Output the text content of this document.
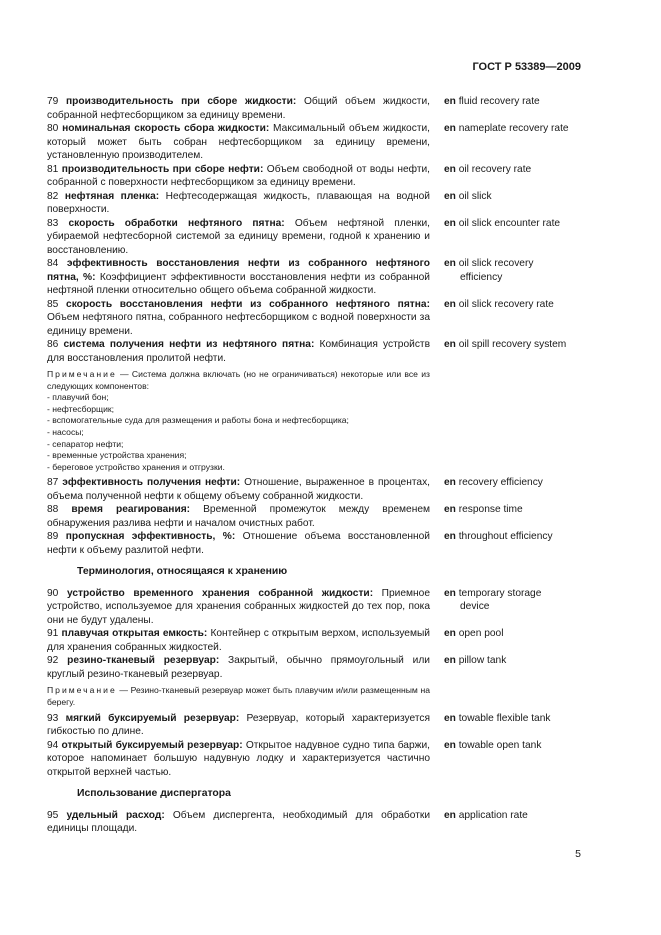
ГОСТ Р 53389—2009
79 производительность при сборе жидкости: Общий объем жидкости, собранной нефтесборщиком за единицу времени.
en fluid recovery rate
80 номинальная скорость сбора жидкости: Максимальный объем жидкости, который может быть собран нефтесборщиком за единицу времени, установленную производителем.
en nameplate recovery rate
81 производительность при сборе нефти: Объем свободной от воды нефти, собранной с поверхности нефтесборщиком за единицу времени.
en oil recovery rate
82 нефтяная пленка: Нефтесодержащая жидкость, плавающая на водной поверхности.
en oil slick
83 скорость обработки нефтяного пятна: Объем нефтяной пленки, убираемой нефтесборной системой за единицу времени, годной к хранению и восстановлению.
en oil slick encounter rate
84 эффективность восстановления нефти из собранного нефтяного пятна, %: Коэффициент эффективности восстановления нефти из собранной нефтяной пленки относительно общего объема собранной жидкости.
en oil slick recovery
efficiency
85 скорость восстановления нефти из собранного нефтяного пятна: Объем нефтяного пятна, собранного нефтесборщиком с водной поверхности за единицу времени.
en oil slick recovery rate
86 система получения нефти из нефтяного пятна: Комбинация устройств для восстановления пролитой нефти.
en oil spill recovery system
Примечание — Система должна включать (но не ограничиваться) некоторые или все из следующих компонентов:
- плавучий бон;
- нефтесборщик;
- вспомогательные суда для размещения и работы бона и нефтесборщика;
- насосы;
- сепаратор нефти;
- временные устройства хранения;
- береговое устройство хранения и отгрузки.
87 эффективность получения нефти: Отношение, выраженное в процентах, объема полученной нефти к общему объему собранной жидкости.
en recovery efficiency
88 время реагирования: Временной промежуток между временем обнаружения разлива нефти и началом очистных работ.
en response time
89 пропускная эффективность, %: Отношение объема восстановленной нефти к объему разлитой нефти.
en throughout efficiency
Терминология, относящаяся к хранению
90 устройство временного хранения собранной жидкости: Приемное устройство, используемое для хранения собранных жидкостей до тех пор, пока они не будут удалены.
en temporary storage
device
91 плавучая открытая емкость: Контейнер с открытым верхом, используемый для хранения собранных жидкостей.
en open pool
92 резино-тканевый резервуар: Закрытый, обычно прямоугольный или круглый резино-тканевый резервуар.
en pillow tank
Примечание — Резино-тканевый резервуар может быть плавучим и/или размещенным на берегу.
93 мягкий буксируемый резервуар: Резервуар, который характеризуется гибкостью по длине.
en towable flexible tank
94 открытый буксируемый резервуар: Открытое надувное судно типа баржи, которое напоминает большую надувную лодку и характеризуется частично открытой верхней частью.
en towable open tank
Использование диспергатора
95 удельный расход: Объем диспергента, необходимый для обработки единицы площади.
en application rate
5
